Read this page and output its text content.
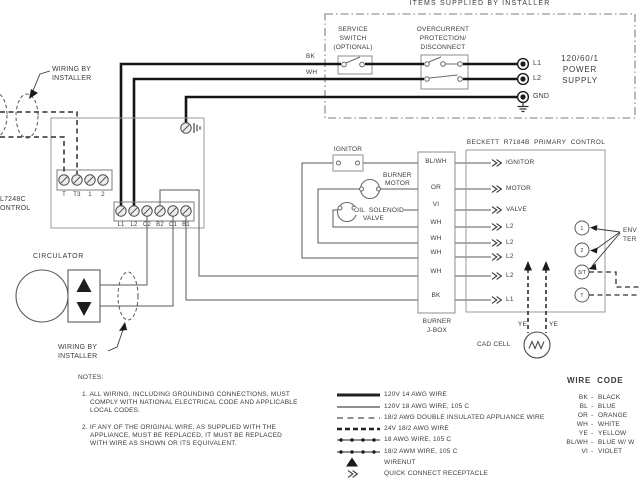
ITEMS SUPPLIED BY INSTALLER
SERVICE
SWITCH
(OPTIONAL)
OVERCURRENT
PROTECTION/
DISCONNECT
BK
WH
L1
L2
GND
120/60/1
POWER
SUPPLY
WIRING BY
INSTALLER
L7248C
ONTROL
T T3 1 2
L1 L2 C2 B2 C1 B1
CIRCULATOR
WIRING BY
INSTALLER
IGNITOR
BURNER
MOTOR
OIL  SOLENOID
VALVE
BL/WH
OR
VI
WH
WH
WH
WH
BK
BURNER
J-BOX
BECKETT  R7184B  PRIMARY  CONTROL
IGNITOR
MOTOR
VALVE
L2
L2
L2
L2
L1
1
2
3/T
T
ENV
TER
YE	YE
CAD CELL
NOTES:
1. ALL WIRING, INCLUDING GROUNDING CONNECTIONS, MUST
COMPLY WITH NATIONAL ELECTRICAL CODE AND APPLICABLE
LOCAL CODES.
2. IF ANY OF THE ORIGINAL WIRE, AS SUPPLIED WITH THE
APPLIANCE, MUST BE REPLACED, IT MUST BE REPLACED
WITH WIRE AS SHOWN OR ITS EQUIVALENT.
120V 14 AWG WIRE
120V 18 AWG WIRE, 105 C
18/2 AWG DOUBLE INSULATED APPLIANCE WIRE
24V 18/2 AWG WIRE
18 AWG WIRE, 105 C
18/2 AWM WIRE, 105 C
WIRENUT
QUICK CONNECT RECEPTACLE
WIRE  CODE
BK - BLACK
BL - BLUE
OR - ORANGE
WH - WHITE
YE - YELLOW
BL/WH - BLUE W/ W
VI - VIOLET
